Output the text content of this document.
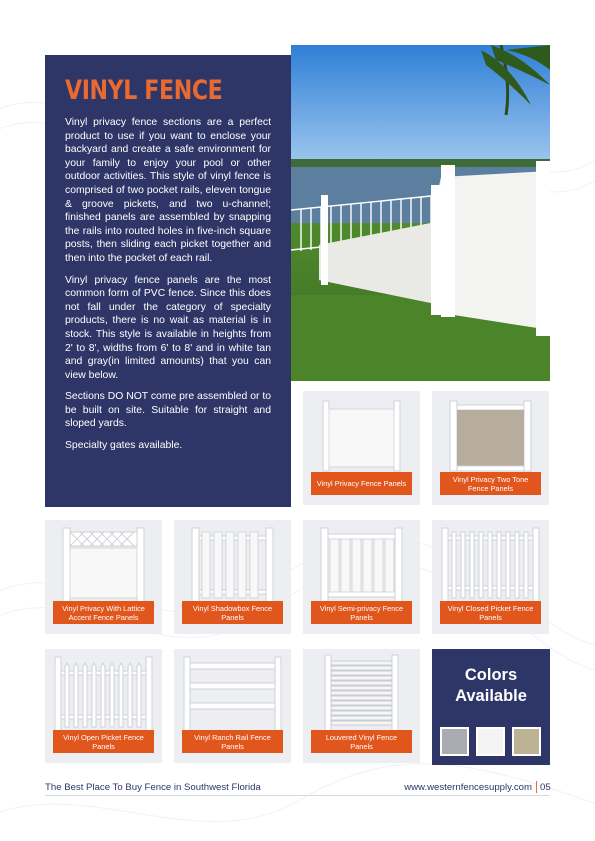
VINYL FENCE

Vinyl privacy fence sections are a perfect product to use if you want to enclose your backyard and create a safe environment for your family to enjoy your pool or other outdoor activities. This style of vinyl fence is comprised of two pocket rails, eleven tongue & groove pickets, and two u-channel; finished panels are assembled by snapping the rails into routed holes in five-inch square posts, then sliding each picket together and then into the pocket of each rail.

Vinyl privacy fence panels are the most common form of PVC fence. Since this does not fall under the category of specialty products, there is no wait as material is in stock. This style is available in heights from 2' to 8', widths from 6' to 8' and in white tan and gray(in limited amounts) that you can view below.

Sections DO NOT come pre assembled or to be built on site. Suitable for straight and sloped yards.

Specialty gates available.

Vinyl Privacy Fence Panels	Vinyl Privacy Two Tone Fence Panels
Vinyl Privacy With Lattice Accent Fence Panels
Vinyl Shadowbox Fence Panels
Vinyl Semi-privacy Fence Panels
Vinyl Closed Picket Fence Panels
Vinyl Open Picket Fence Panels
Vinyl Ranch Rail Fence Panels
Louvered Vinyl Fence Panels
Colors
Available
The Best Place To Buy Fence in Southwest Florida	www.westernfencesupply.com 05
